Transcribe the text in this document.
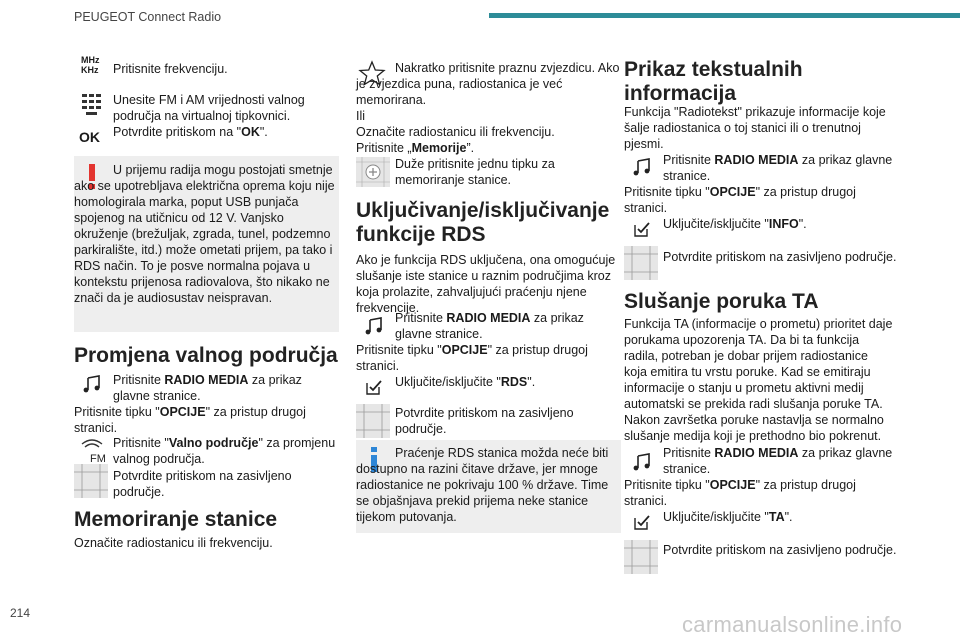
PEUGEOT Connect Radio
MHz
KHz	Pritisnite frekvenciju.

Unesite FM i AM vrijednosti valnog područja na virtualnoj tipkovnici.

OK Potvrdite pritiskom na "OK".

U prijemu radija mogu postojati smetnje ako se upotrebljava električna oprema koju nije homologirala marka, poput USB punjača spojenog na utičnicu od 12 V. Vanjsko okruženje (brežuljak, zgrada, tunel, podzemno parkiralište, itd.) može ometati prijem, pa tako i RDS način. To je posve normalna pojava u kontekstu prijenosa radiovalova, što nikako ne znači da je audiosustav neispravan.

Promjena valnog područja

Pritisnite RADIO MEDIA za prikaz glavne stranice.

Pritisnite tipku "OPCIJE" za pristup drugoj stranici.

FM

Pritisnite "Valno područje" za promjenu valnog područja.

Potvrdite pritiskom na zasivljeno područje.

Memoriranje stanice

Označite radiostanicu ili frekvenciju.

Nakratko pritisnite praznu zvjezdicu. Ako je zvjezdica puna, radiostanica je već memorirana.

Ili

Označite radiostanicu ili frekvenciju.

Pritisnite „Memorije”.

Duže pritisnite jednu tipku za memoriranje stanice.

Uključivanje/isključivanje funkcije RDS

Ako je funkcija RDS uključena, ona omogućuje slušanje iste stanice u raznim područjima kroz koja prolazite, zahvaljujući praćenju njene frekvencije.

Pritisnite RADIO MEDIA za prikaz glavne stranice.

Pritisnite tipku "OPCIJE" za pristup drugoj stranici.

Uključite/isključite "RDS".

Potvrdite pritiskom na zasivljeno područje.

Praćenje RDS stanica možda neće biti dostupno na razini čitave države, jer mnoge radiostanice ne pokrivaju 100 % države. Time se objašnjava prekid prijema neke stanice tijekom putovanja.

Prikaz tekstualnih informacija

Funkcija "Radiotekst" prikazuje informacije koje šalje radiostanica o toj stanici ili o trenutnoj pjesmi.

Pritisnite RADIO MEDIA za prikaz glavne stranice.

Pritisnite tipku "OPCIJE" za pristup drugoj stranici.

Uključite/isključite "INFO".

Potvrdite pritiskom na zasivljeno područje.

Slušanje poruka TA

Funkcija TA (informacije o prometu) prioritet daje porukama upozorenja TA. Da bi ta funkcija radila, potreban je dobar prijem radiostanice koja emitira tu vrstu poruke. Kad se emitiraju informacije o stanju u prometu aktivni medij automatski se prekida radi slušanja poruke TA. Nakon završetka poruke nastavlja se normalno slušanje medija koji je prethodno bio pokrenut.

Pritisnite RADIO MEDIA za prikaz glavne stranice.

Pritisnite tipku "OPCIJE" za pristup drugoj stranici.

Uključite/isključite "TA".

Potvrdite pritiskom na zasivljeno područje.

214	carmanualsonline.info
